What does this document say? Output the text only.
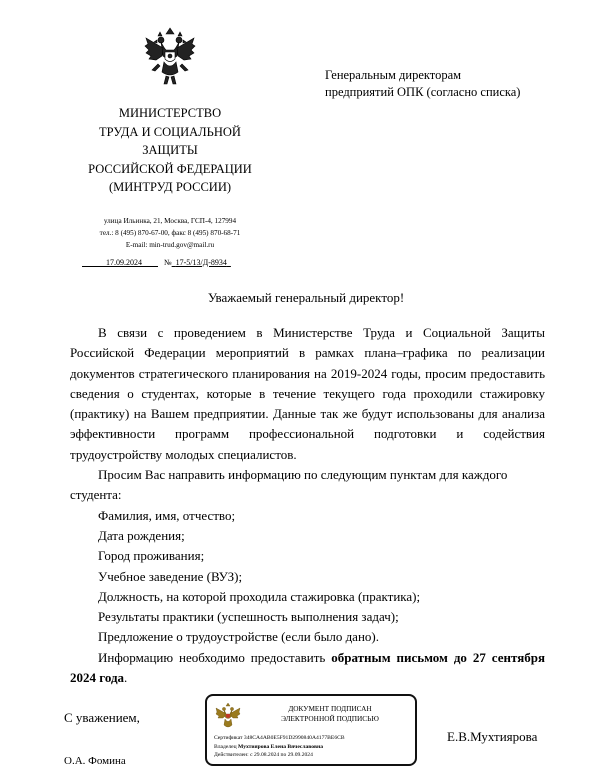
МИНИСТЕРСТВО
ТРУДА И СОЦИАЛЬНОЙ
ЗАЩИТЫ
РОССИЙСКОЙ ФЕДЕРАЦИИ
(МИНТРУД РОССИИ)
улица Ильинка, 21, Москва, ГСП-4, 127994
тел.: 8 (495) 870-67-00, факс 8 (495) 870-68-71
E-mail: min-trud.gov@mail.ru
17.09.2024	№ 17-5/13/Д-8934
Генеральным директорам
предприятий ОПК (согласно списка)
Уважаемый генеральный директор!

В связи с проведением в Министерстве Труда и Социальной Защиты Российской Федерации мероприятий в рамках плана–графика по реализации документов стратегического планирования на 2019-2024 годы, просим предоставить сведения о студентах, которые в течение текущего года проходили стажировку (практику) на Вашем предприятии. Данные так же будут использованы для анализа эффективности программ профессиональной подготовки и содействия трудоустройству молодых специалистов.

Просим Вас направить информацию по следующим пунктам для каждого студента:

Фамилия, имя, отчество;

Дата рождения;

Город проживания;

Учебное заведение (ВУЗ);

Должность, на которой проходила стажировка (практика);

Результаты практики (успешность выполнения задач);

Предложение о трудоустройстве (если было дано).

Информацию необходимо предоставить обратным письмом до 27 сентября 2024 года.

С уважением,
ДОКУМЕНТ ПОДПИСАН
ЭЛЕКТРОННОЙ ПОДПИСЬЮ
Сертификат 348CA4AB0E5F91D2990840A4177BE6CB
Владелец Мухтиярова Елена Вячеславовна
Действителен: с 29.08.2024 по 29.09.2024
Е.В.Мухтиярова
О.А. Фомина
